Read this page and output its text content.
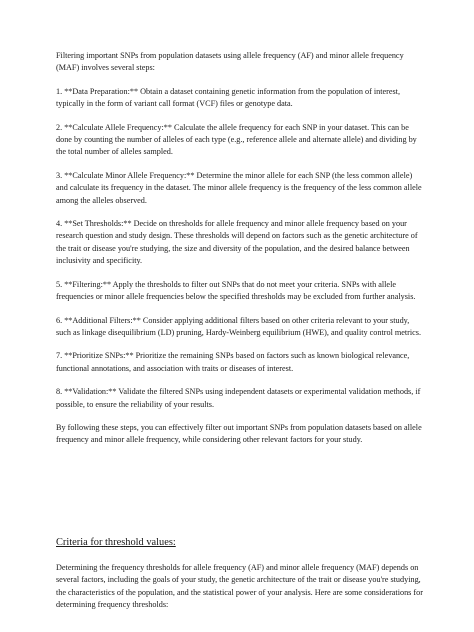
Filtering important SNPs from population datasets using allele frequency (AF) and minor allele frequency (MAF) involves several steps:

1. **Data Preparation:** Obtain a dataset containing genetic information from the population of interest, typically in the form of variant call format (VCF) files or genotype data.

2. **Calculate Allele Frequency:** Calculate the allele frequency for each SNP in your dataset. This can be done by counting the number of alleles of each type (e.g., reference allele and alternate allele) and dividing by the total number of alleles sampled.

3. **Calculate Minor Allele Frequency:** Determine the minor allele for each SNP (the less common allele) and calculate its frequency in the dataset. The minor allele frequency is the frequency of the less common allele among the alleles observed.

4. **Set Thresholds:** Decide on thresholds for allele frequency and minor allele frequency based on your research question and study design. These thresholds will depend on factors such as the genetic architecture of the trait or disease you're studying, the size and diversity of the population, and the desired balance between inclusivity and specificity.

5. **Filtering:** Apply the thresholds to filter out SNPs that do not meet your criteria. SNPs with allele frequencies or minor allele frequencies below the specified thresholds may be excluded from further analysis.

6. **Additional Filters:** Consider applying additional filters based on other criteria relevant to your study, such as linkage disequilibrium (LD) pruning, Hardy-Weinberg equilibrium (HWE), and quality control metrics.

7. **Prioritize SNPs:** Prioritize the remaining SNPs based on factors such as known biological relevance, functional annotations, and association with traits or diseases of interest.

8. **Validation:** Validate the filtered SNPs using independent datasets or experimental validation methods, if possible, to ensure the reliability of your results.

By following these steps, you can effectively filter out important SNPs from population datasets based on allele frequency and minor allele frequency, while considering other relevant factors for your study.

Criteria for threshold values:

Determining the frequency thresholds for allele frequency (AF) and minor allele frequency (MAF) depends on several factors, including the goals of your study, the genetic architecture of the trait or disease you're studying, the characteristics of the population, and the statistical power of your analysis. Here are some considerations for determining frequency thresholds:
